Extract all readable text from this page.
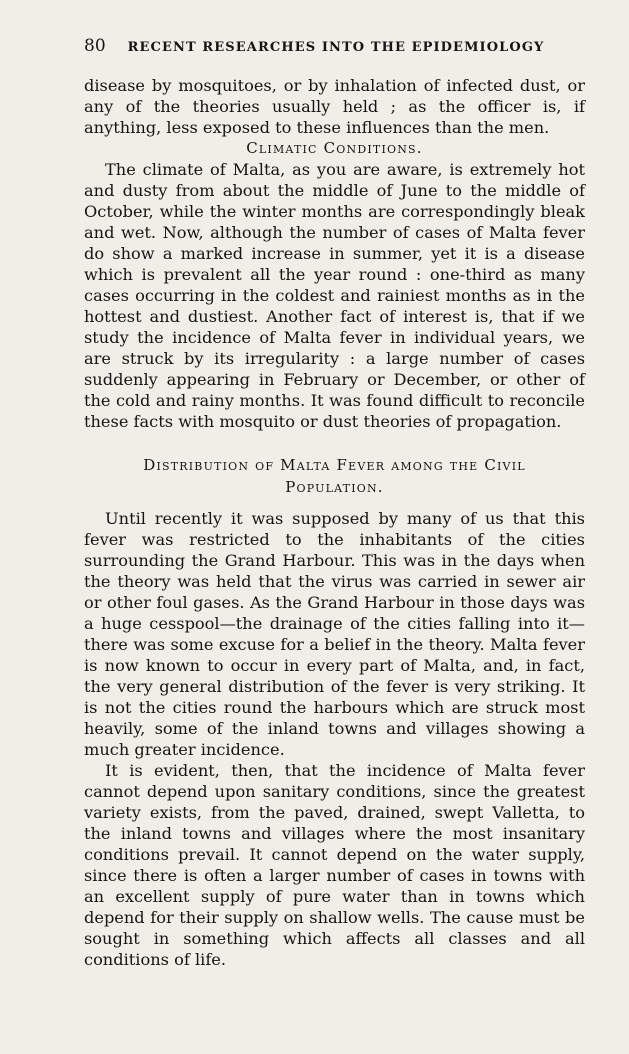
80 RECENT RESEARCHES INTO THE EPIDEMIOLOGY

disease by mosquitoes, or by inhalation of infected dust, or any of the theories usually held ; as the officer is, if anything, less exposed to these influences than the men.

Climatic Conditions.

The climate of Malta, as you are aware, is extremely hot and dusty from about the middle of June to the middle of October, while the winter months are correspondingly bleak and wet. Now, although the number of cases of Malta fever do show a marked increase in summer, yet it is a disease which is prevalent all the year round : one-third as many cases occurring in the coldest and rainiest months as in the hottest and dustiest. Another fact of interest is, that if we study the incidence of Malta fever in individual years, we are struck by its irregularity : a large number of cases suddenly appearing in February or December, or other of the cold and rainy months. It was found difficult to reconcile these facts with mosquito or dust theories of propagation.

Distribution of Malta Fever among the Civil
Population.

Until recently it was supposed by many of us that this fever was restricted to the inhabitants of the cities surrounding the Grand Harbour. This was in the days when the theory was held that the virus was carried in sewer air or other foul gases. As the Grand Harbour in those days was a huge cesspool—the drainage of the cities falling into it—there was some excuse for a belief in the theory. Malta fever is now known to occur in every part of Malta, and, in fact, the very general distribution of the fever is very striking. It is not the cities round the harbours which are struck most heavily, some of the inland towns and villages showing a much greater incidence.

It is evident, then, that the incidence of Malta fever cannot depend upon sanitary conditions, since the greatest variety exists, from the paved, drained, swept Valletta, to the inland towns and villages where the most insanitary conditions prevail. It cannot depend on the water supply, since there is often a larger number of cases in towns with an excellent supply of pure water than in towns which depend for their supply on shallow wells. The cause must be sought in something which affects all classes and all conditions of life.
